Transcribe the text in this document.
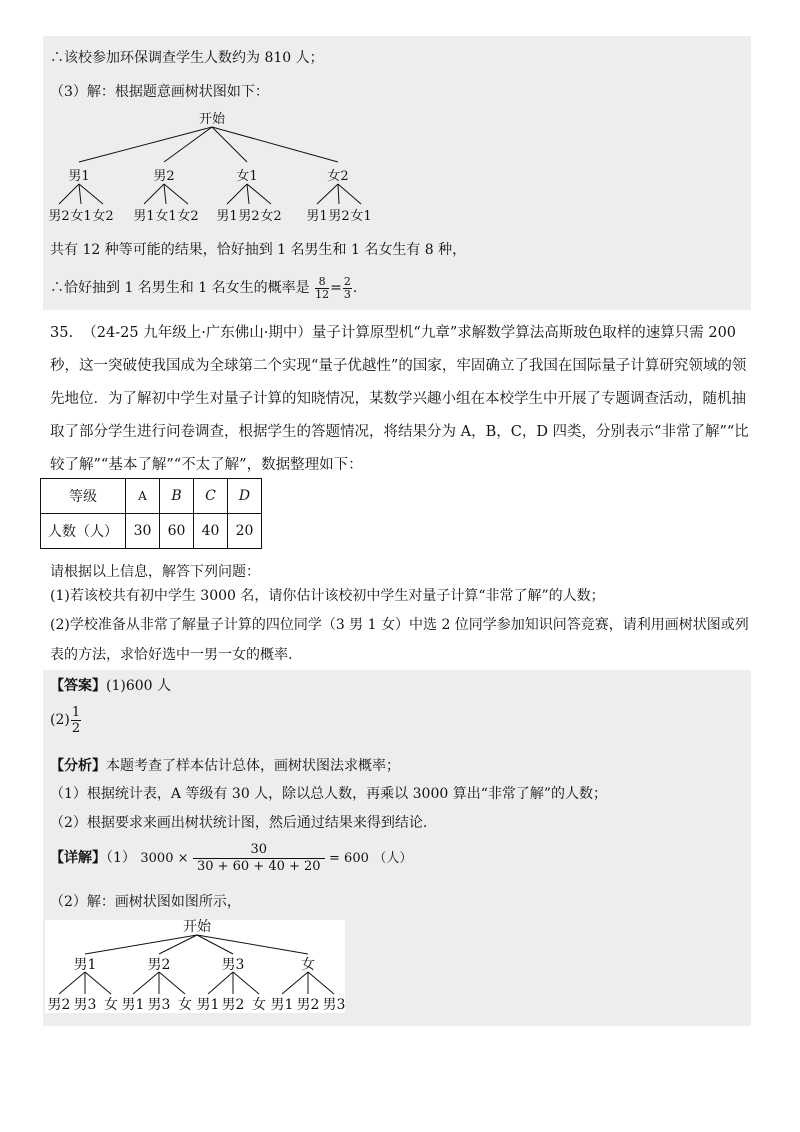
∴该校参加环保调查学生人数约为 810 人；
（3）解：根据题意画树状图如下：
开始
男1	男2	女1	女2
男2 女1 女2 男1 女1 女2 男1 男2 女2 男1 男2 女1
共有 12 种等可能的结果，恰好抽到 1 名男生和 1 名女生有 8 种，
∴恰好抽到 1 名男生和 1 名女生的概率是 $\frac{8}{12} = \frac{2}{3}$ .
35. （24-25 九年级上·广东佛山·期中）量子计算原型机“九章”求解数学算法高斯玻色取样的速算只需 200 秒，这一突破使我国成为全球第二个实现“量子优越性”的国家，牢固确立了我国在国际量子计算研究领域的领先地位．为了解初中学生对量子计算的知晓情况，某数学兴趣小组在本校学生中开展了专题调查活动，随机抽取了部分学生进行问卷调查，根据学生的答题情况，将结果分为 A，B，C，D 四类，分别表示“非常了解”“比较了解”“基本了解”“不太了解”，数据整理如下：
等级	A	B	C	D
人数（人）	30	60	40	20
请根据以上信息，解答下列问题：
(1)若该校共有初中学生 3000 名，请你估计该校初中学生对量子计算“非常了解”的人数；
(2)学校准备从非常了解量子计算的四位同学（3 男 1 女）中选 2 位同学参加知识问答竞赛，请利用画树状图或列表的方法，求恰好选中一男一女的概率.
【答案】(1)600 人
$(2) \frac{1}{2}$
【分析】本题考查了样本估计总体，画树状图法求概率；
（1）根据统计表，A 等级有 30 人，除以总人数，再乘以 3000 算出“非常了解”的人数；
（2）根据要求来画出树状统计图，然后通过结果来得到结论.
【详解】（1） $3000 \times \frac{30}{30 + 60 + 40 + 20} = 600$ （人）
（2）解：画树状图如图所示，
开始
男1	男2	男3	女
男2 男3 女 男1 男3 女 男1 男2 女 男1 男2 男3
